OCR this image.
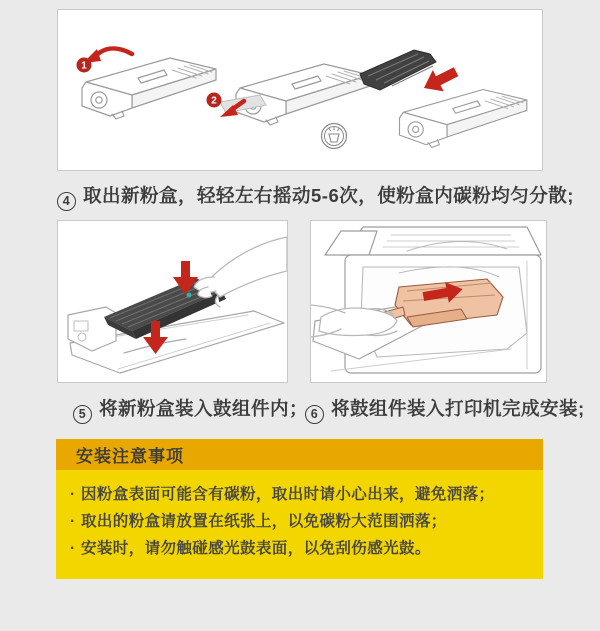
1
2
4 取出新粉盒，轻轻左右摇动5-6次，使粉盒内碳粉均匀分散;
5 将新粉盒装入鼓组件内； 6 将鼓组件装入打印机完成安装;
安装注意事项
· 因粉盒表面可能含有碳粉，取出时请小心出来，避免洒落；
· 取出的粉盒请放置在纸张上，以免碳粉大范围洒落；
· 安装时，请勿触碰感光鼓表面，以免刮伤感光鼓。
